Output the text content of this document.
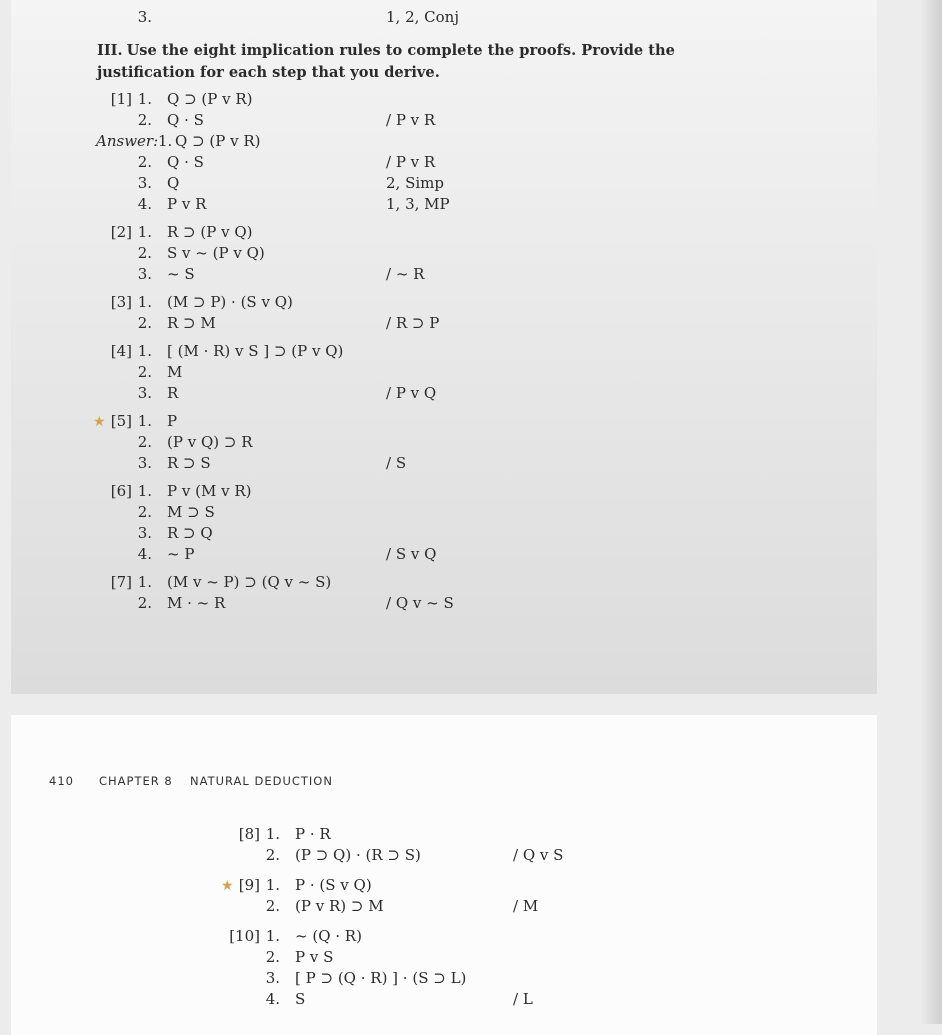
3.	1, 2, Conj
III. Use the eight implication rules to complete the proofs. Provide the justification for each step that you derive.
[1] 1. Q ⊃ (P v R)
2. Q · S	/ P v R
Answer: 1. Q ⊃ (P v R)
2. Q · S	/ P v R
3. Q	2, Simp
4. P v R	1, 3, MP
[2] 1. R ⊃ (P v Q)
2. S v ~ (P v Q)
3. ~ S	/ ~ R
[3] 1. (M ⊃ P) · (S v Q)
2. R ⊃ M	/ R ⊃ P
[4] 1. [ (M · R) v S ] ⊃ (P v Q)
2. M
3. R	/ P v Q
★ [5] 1. P
2. (P v Q) ⊃ R
3. R ⊃ S	/ S
[6] 1. P v (M v R)
2. M ⊃ S
3. R ⊃ Q
4. ~ P	/ S v Q
[7] 1. (M v ~ P) ⊃ (Q v ~ S)
2. M · ~ R	/ Q v ~ S
410 CHAPTER 8 NATURAL DEDUCTION
[8] 1. P · R
2. (P ⊃ Q) · (R ⊃ S)	/ Q v S
★ [9] 1. P · (S v Q)
2. (P v R) ⊃ M	/ M
[10] 1. ~ (Q · R)
2. P v S
3. [ P ⊃ (Q · R) ] · (S ⊃ L)
4. S	/ L
